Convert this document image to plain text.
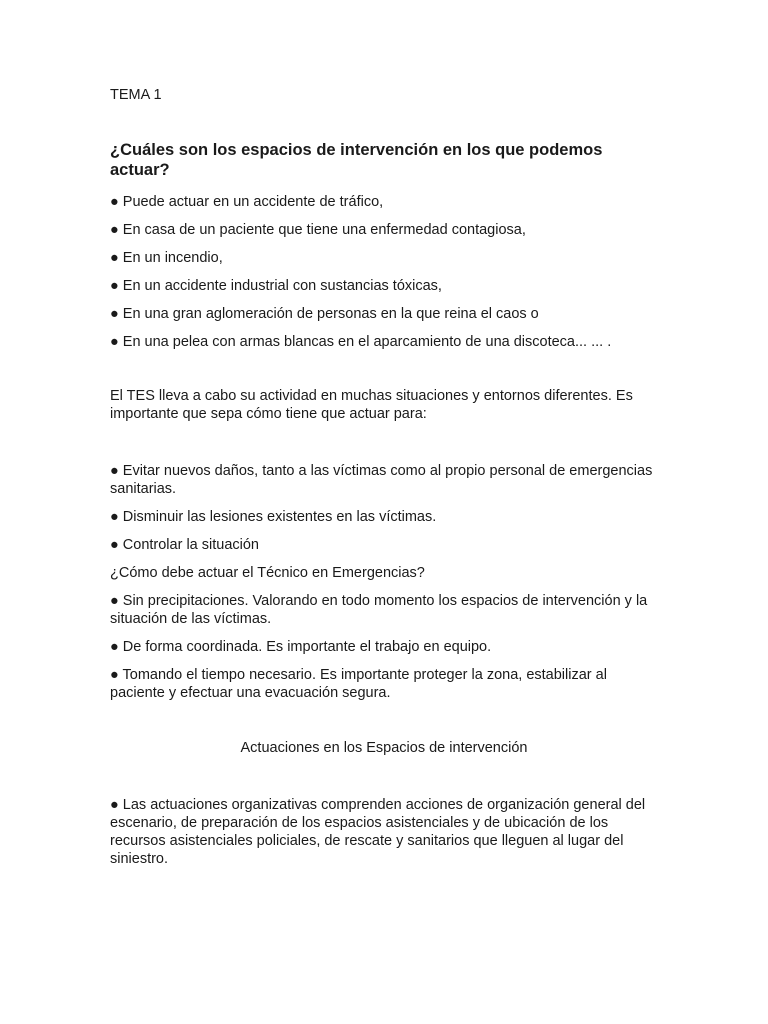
TEMA 1

¿Cuáles son los espacios de intervención en los que podemos actuar?

● Puede actuar en un accidente de tráfico,

● En casa de un paciente que tiene una enfermedad contagiosa,

● En un incendio,

● En un accidente industrial con sustancias tóxicas,

● En una gran aglomeración de personas en la que reina el caos o

● En una pelea con armas blancas en el aparcamiento de una discoteca... ... .

El TES lleva a cabo su actividad en muchas situaciones y entornos diferentes. Es importante que sepa cómo tiene que actuar para:

● Evitar nuevos daños, tanto a las víctimas como al propio personal de emergencias sanitarias.

● Disminuir las lesiones existentes en las víctimas.

● Controlar la situación

¿Cómo debe actuar el Técnico en Emergencias?

● Sin precipitaciones. Valorando en todo momento los espacios de intervención y la situación de las víctimas.

● De forma coordinada. Es importante el trabajo en equipo.

● Tomando el tiempo necesario. Es importante proteger la zona, estabilizar al paciente y efectuar una evacuación segura.

Actuaciones en los Espacios de intervención

● Las actuaciones organizativas comprenden acciones de organización general del escenario, de preparación de los espacios asistenciales y de ubicación de los recursos asistenciales policiales, de rescate y sanitarios que lleguen al lugar del siniestro.
